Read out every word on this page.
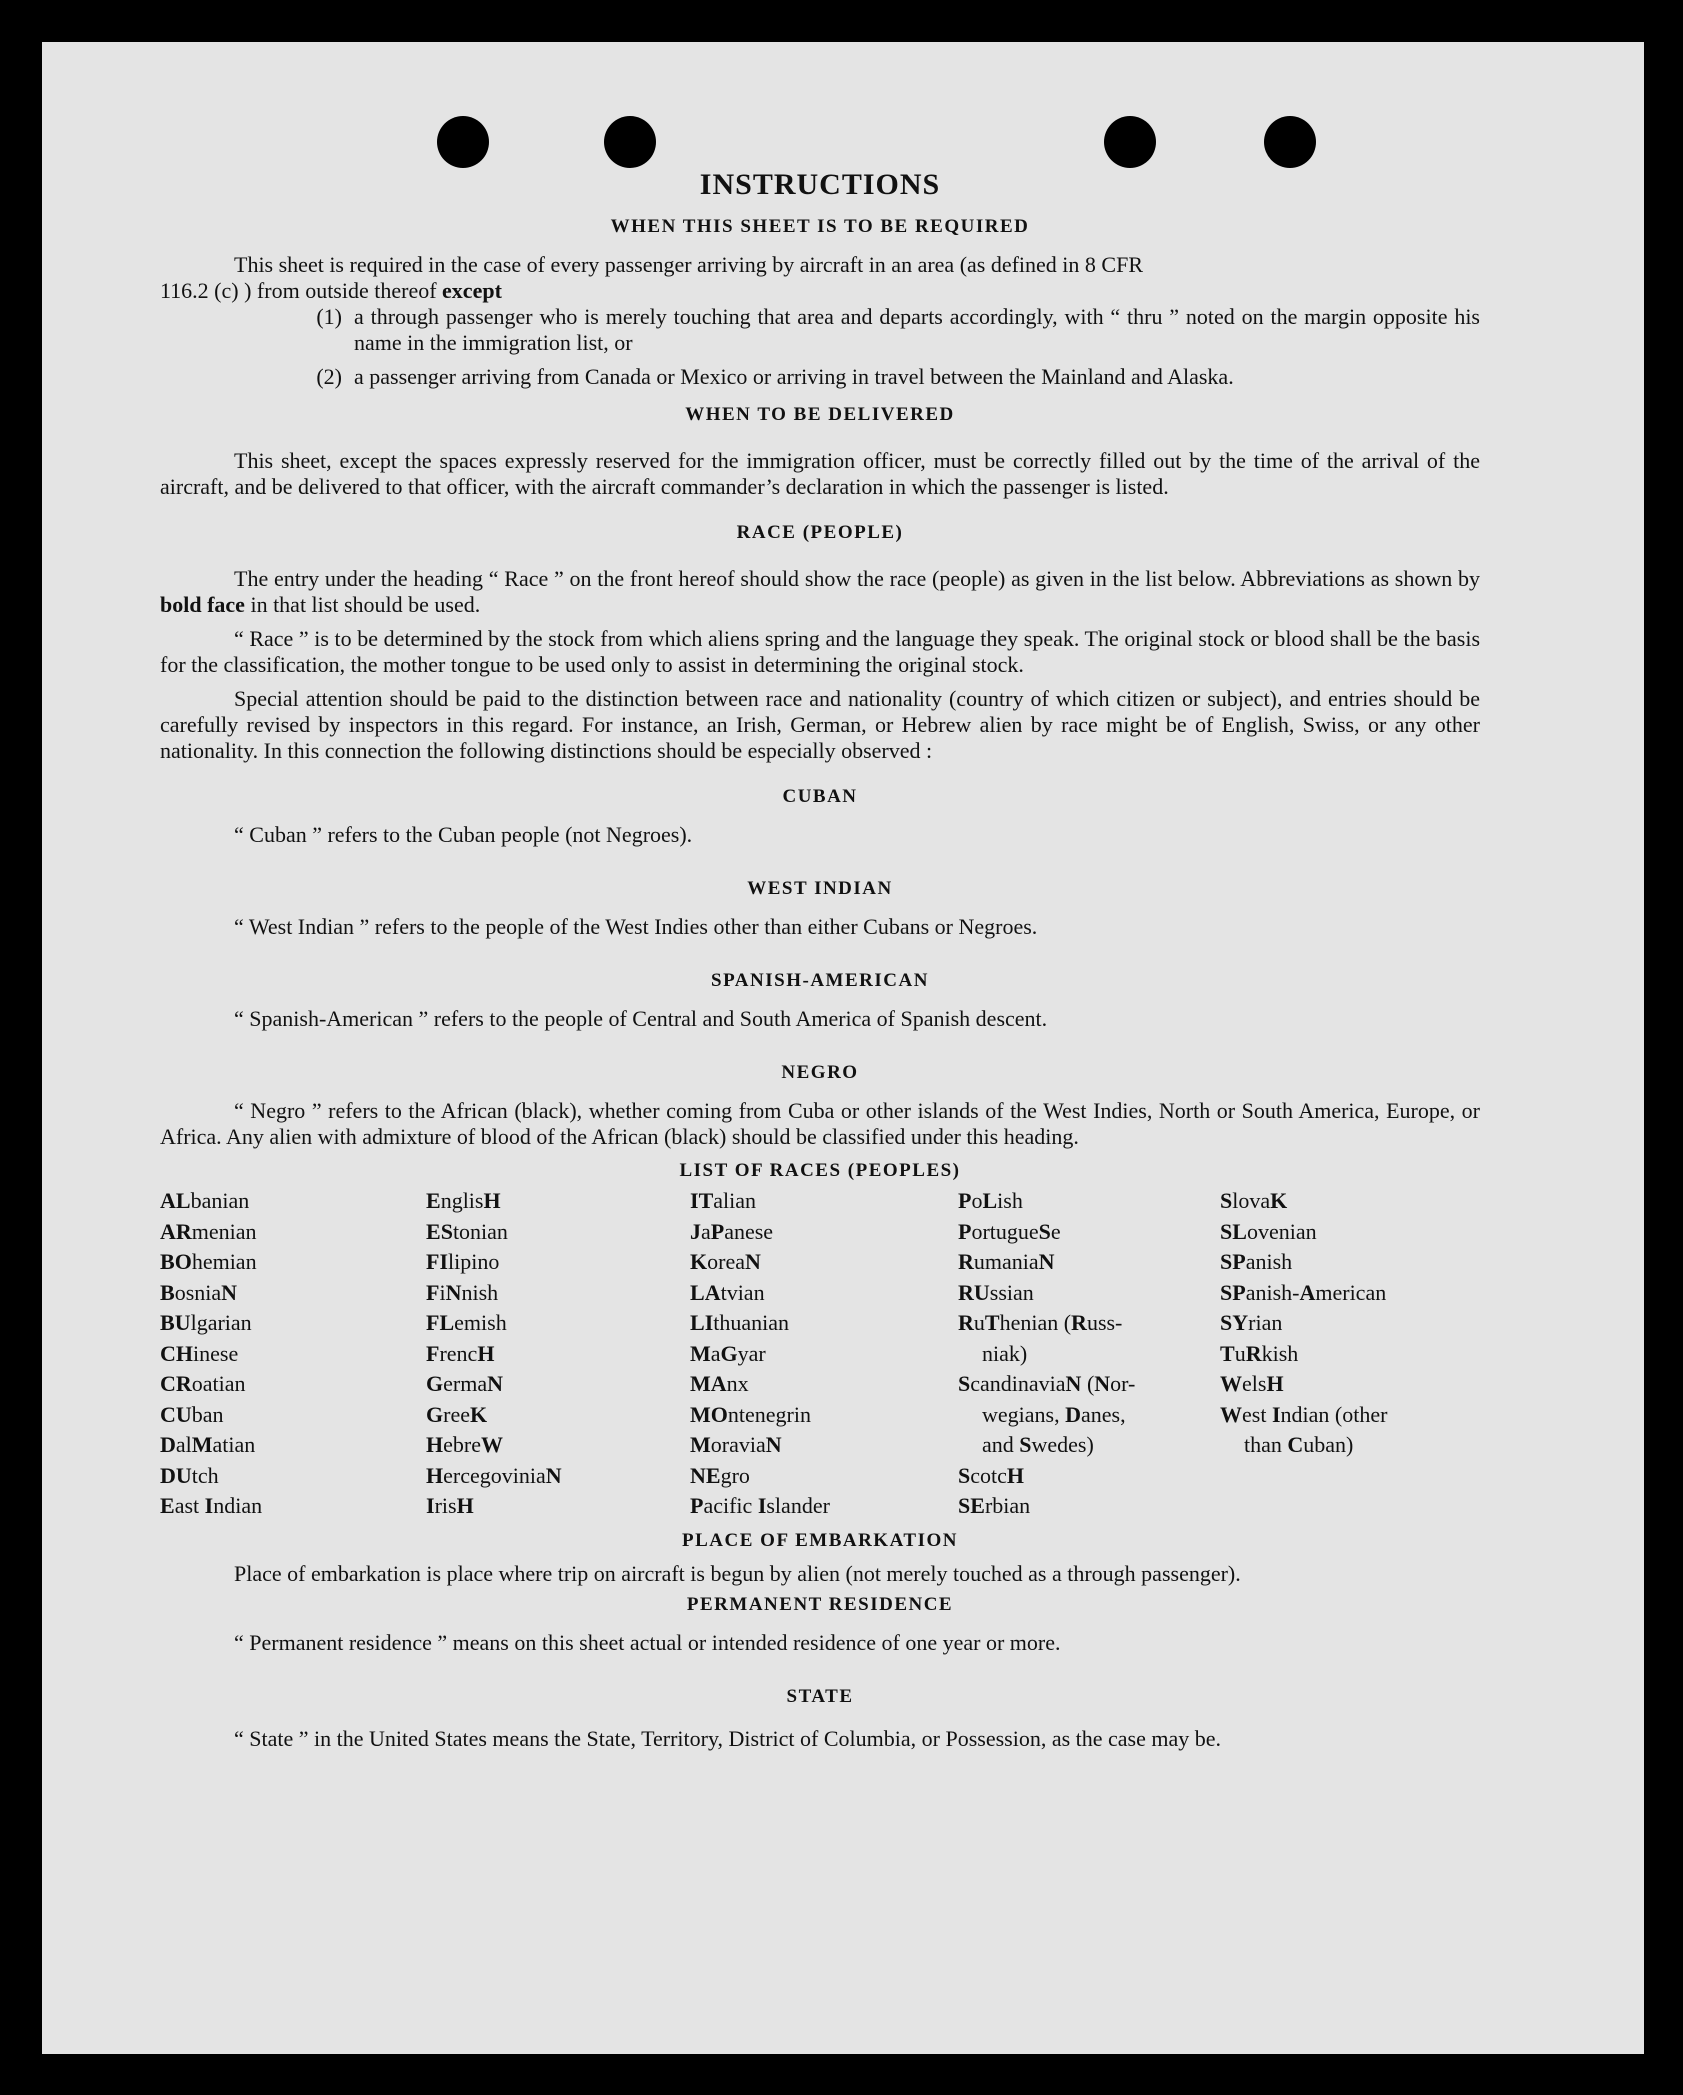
INSTRUCTIONS
WHEN THIS SHEET IS TO BE REQUIRED

This sheet is required in the case of every passenger arriving by aircraft in an area (as defined in 8 CFR

116.2 (c) ) from outside thereof except

(1) a through passenger who is merely touching that area and departs accordingly, with “ thru ” noted on the margin opposite his name in the immigration list, or
(2) a passenger arriving from Canada or Mexico or arriving in travel between the Mainland and Alaska.
WHEN TO BE DELIVERED

This sheet, except the spaces expressly reserved for the immigration officer, must be correctly filled out by the time of the arrival of the aircraft, and be delivered to that officer, with the aircraft commander’s declaration in which the passenger is listed.

RACE (PEOPLE)

The entry under the heading “ Race ” on the front hereof should show the race (people) as given in the list below. Abbreviations as shown by bold face in that list should be used.

“ Race ” is to be determined by the stock from which aliens spring and the language they speak. The original stock or blood shall be the basis for the classification, the mother tongue to be used only to assist in determining the original stock.

Special attention should be paid to the distinction between race and nationality (country of which citizen or subject), and entries should be carefully revised by inspectors in this regard. For instance, an Irish, German, or Hebrew alien by race might be of English, Swiss, or any other nationality. In this connection the following distinctions should be especially observed :

CUBAN

“ Cuban ” refers to the Cuban people (not Negroes).

WEST INDIAN

“ West Indian ” refers to the people of the West Indies other than either Cubans or Negroes.

SPANISH-AMERICAN

“ Spanish-American ” refers to the people of Central and South America of Spanish descent.

NEGRO

“ Negro ” refers to the African (black), whether coming from Cuba or other islands of the West Indies, North or South America, Europe, or Africa. Any alien with admixture of blood of the African (black) should be classified under this heading.

LIST OF RACES (PEOPLES)
ALbanian
ARmenian
BOhemian
BosniaN
BUlgarian
CHinese
CRoatian
CUban
DalMatian
DUtch
East Indian
EnglisH
EStonian
FIlipino
FiNnish
FLemish
FrencH
GermaN
GreeK
HebreW
HercegoviniaN
IrisH
ITalian
JaPanese
KoreaN
LAtvian
LIthuanian
MaGyar
MAnx
MOntenegrin
MoraviaN
NEgro
Pacific Islander
PoLish
PortugueSe
RumaniaN
RUssian
RuThenian (Russ-
niak)
ScandinaviaN (Nor-
wegians, Danes,
and Swedes)
ScotcH
SErbian
SlovaK
SLovenian
SPanish
SPanish-American
SYrian
TuRkish
WelsH
West Indian (other
than Cuban)
PLACE OF EMBARKATION

Place of embarkation is place where trip on aircraft is begun by alien (not merely touched as a through passenger).

PERMANENT RESIDENCE

“ Permanent residence ” means on this sheet actual or intended residence of one year or more.

STATE

“ State ” in the United States means the State, Territory, District of Columbia, or Possession, as the case may be.
